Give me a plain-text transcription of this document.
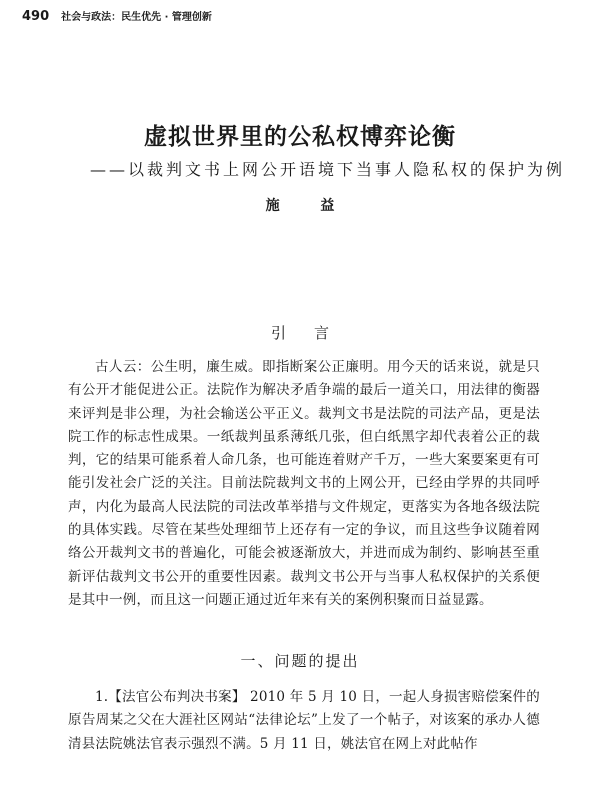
490 社会与政法：民生优先 · 管理创新
虚拟世界里的公私权博弈论衡
——以裁判文书上网公开语境下当事人隐私权的保护为例
施 益
引言

古人云：公生明，廉生威。即指断案公正廉明。用今天的话来说，就是只有公开才能促进公正。法院作为解决矛盾争端的最后一道关口，用法律的衡器来评判是非公理，为社会输送公平正义。裁判文书是法院的司法产品，更是法院工作的标志性成果。一纸裁判虽系薄纸几张，但白纸黑字却代表着公正的裁判，它的结果可能系着人命几条，也可能连着财产千万，一些大案要案更有可能引发社会广泛的关注。目前法院裁判文书的上网公开，已经由学界的共同呼声，内化为最高人民法院的司法改革举措与文件规定，更落实为各地各级法院的具体实践。尽管在某些处理细节上还存有一定的争议，而且这些争议随着网络公开裁判文书的普遍化，可能会被逐渐放大，并进而成为制约、影响甚至重新评估裁判文书公开的重要性因素。裁判文书公开与当事人私权保护的关系便是其中一例，而且这一问题正通过近年来有关的案例积聚而日益显露。

一、问题的提出

1.【法官公布判决书案】 2010 年 5 月 10 日，一起人身损害赔偿案件的原告周某之父在大涯社区网站“法律论坛”上发了一个帖子，对该案的承办人德清县法院姚法官表示强烈不满。5 月 11 日，姚法官在网上对此帖作
